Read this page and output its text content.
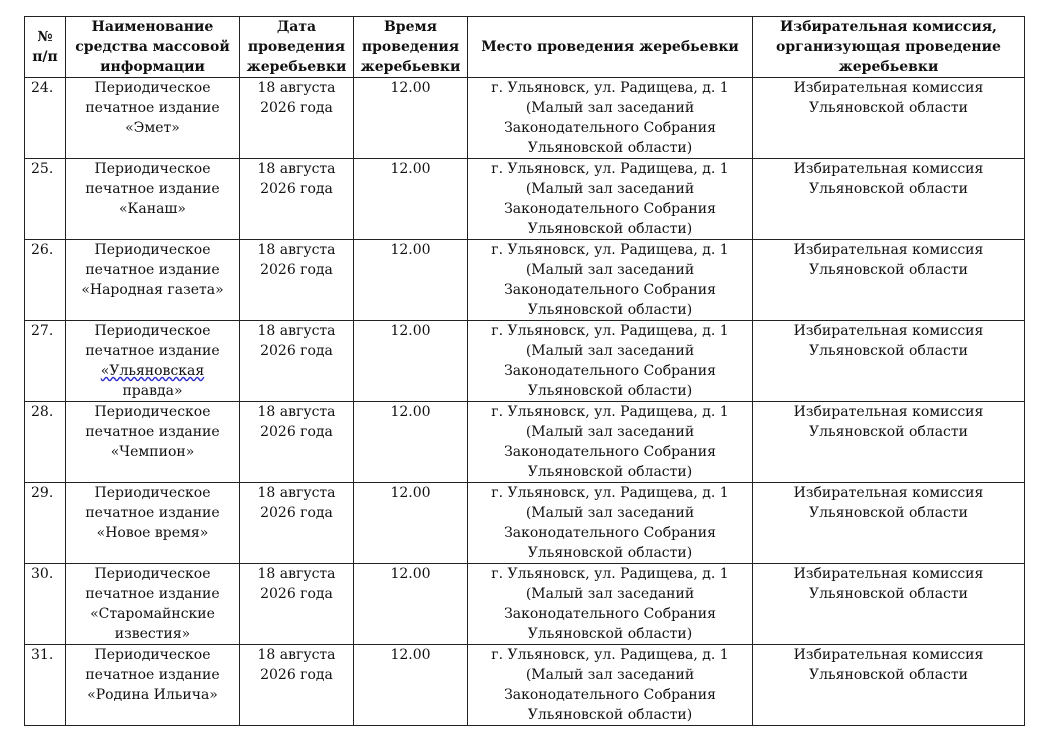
№
п/п	Наименование
средства массовой
информации	Дата
проведения
жеребьевки	Время
проведения
жеребьевки	Место проведения жеребьевки	Избирательная комиссия,
организующая проведение
жеребьевки

24.	Периодическое
печатное издание
«Эмет»	18 августа
2026 года	12.00	г. Ульяновск, ул. Радищева, д. 1
(Малый зал заседаний
Законодательного Собрания
Ульяновской области)	Избирательная комиссия
Ульяновской области

25.	Периодическое
печатное издание
«Канаш»	18 августа
2026 года	12.00	г. Ульяновск, ул. Радищева, д. 1
(Малый зал заседаний
Законодательного Собрания
Ульяновской области)	Избирательная комиссия
Ульяновской области

26.	Периодическое
печатное издание
«Народная газета»	18 августа
2026 года	12.00	г. Ульяновск, ул. Радищева, д. 1
(Малый зал заседаний
Законодательного Собрания
Ульяновской области)	Избирательная комиссия
Ульяновской области

27.	Периодическое
печатное издание
«Ульяновская
правда»	18 августа
2026 года	12.00	г. Ульяновск, ул. Радищева, д. 1
(Малый зал заседаний
Законодательного Собрания
Ульяновской области)	Избирательная комиссия
Ульяновской области

28.	Периодическое
печатное издание
«Чемпион»	18 августа
2026 года	12.00	г. Ульяновск, ул. Радищева, д. 1
(Малый зал заседаний
Законодательного Собрания
Ульяновской области)	Избирательная комиссия
Ульяновской области

29.	Периодическое
печатное издание
«Новое время»	18 августа
2026 года	12.00	г. Ульяновск, ул. Радищева, д. 1
(Малый зал заседаний
Законодательного Собрания
Ульяновской области)	Избирательная комиссия
Ульяновской области

30.	Периодическое
печатное издание
«Старомайнские
известия»	18 августа
2026 года	12.00	г. Ульяновск, ул. Радищева, д. 1
(Малый зал заседаний
Законодательного Собрания
Ульяновской области)	Избирательная комиссия
Ульяновской области

31.	Периодическое
печатное издание
«Родина Ильича»	18 августа
2026 года	12.00	г. Ульяновск, ул. Радищева, д. 1
(Малый зал заседаний
Законодательного Собрания
Ульяновской области)	Избирательная комиссия
Ульяновской области
